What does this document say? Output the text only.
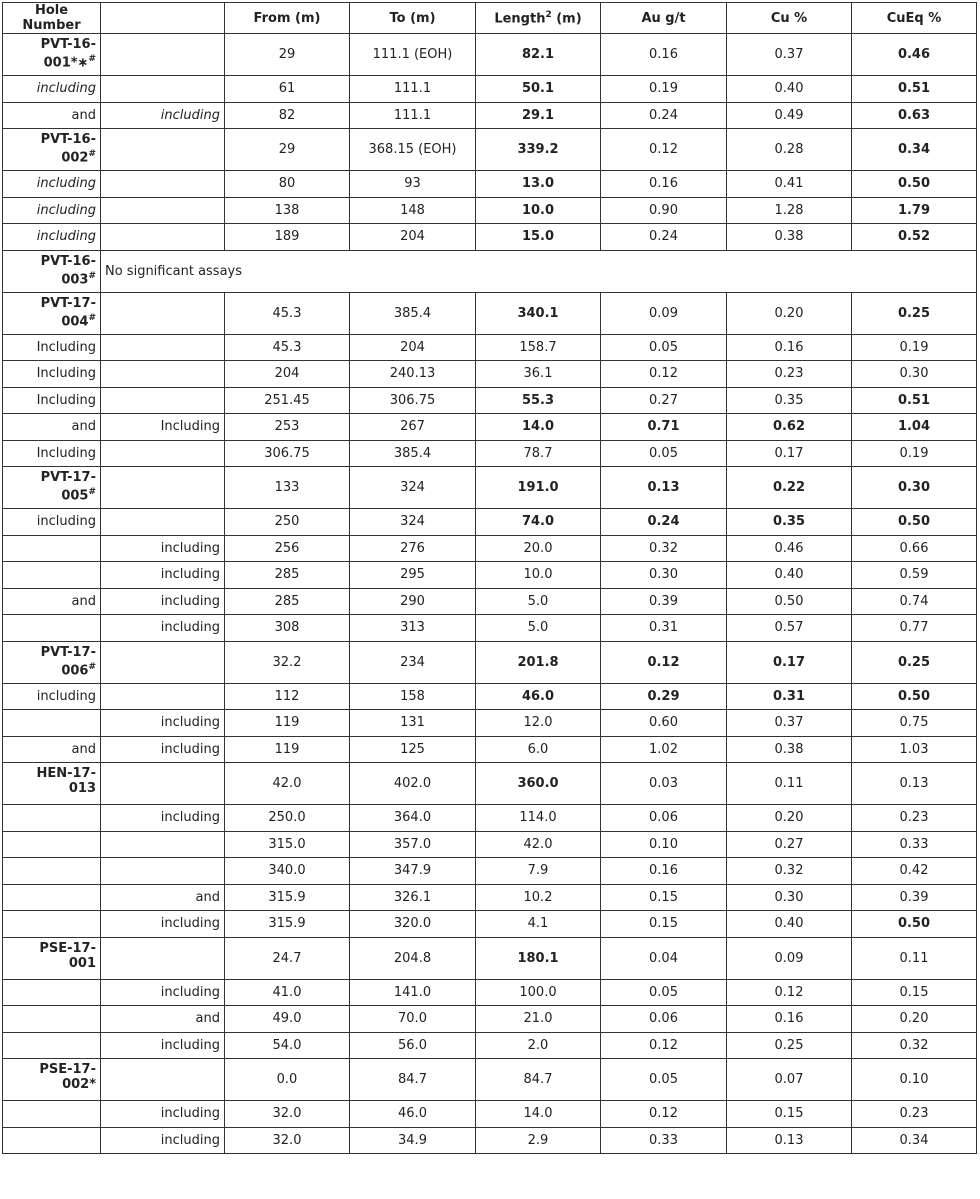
Hole
Number		From (m)	To (m)	Length$^2$ (m)	Au g/t	Cu %	CuEq %
PVT-16-
001*∗#		29	111.1 (EOH)	82.1	0.16	0.37	0.46
including		61	111.1	50.1	0.19	0.40	0.51
and	including	82	111.1	29.1	0.24	0.49	0.63
PVT-16-
002#		29	368.15 (EOH)	339.2	0.12	0.28	0.34
including		80	93	13.0	0.16	0.41	0.50
including		138	148	10.0	0.90	1.28	1.79
including		189	204	15.0	0.24	0.38	0.52
PVT-16-
003#	No significant assays						
PVT-17-
004#		45.3	385.4	340.1	0.09	0.20	0.25
Including		45.3	204	158.7	0.05	0.16	0.19
Including		204	240.13	36.1	0.12	0.23	0.30
Including		251.45	306.75	55.3	0.27	0.35	0.51
and	Including	253	267	14.0	0.71	0.62	1.04
Including		306.75	385.4	78.7	0.05	0.17	0.19
PVT-17-
005#		133	324	191.0	0.13	0.22	0.30
including		250	324	74.0	0.24	0.35	0.50
	including	256	276	20.0	0.32	0.46	0.66
	including	285	295	10.0	0.30	0.40	0.59
and	including	285	290	5.0	0.39	0.50	0.74
	including	308	313	5.0	0.31	0.57	0.77
PVT-17-
006#		32.2	234	201.8	0.12	0.17	0.25
including		112	158	46.0	0.29	0.31	0.50
	including	119	131	12.0	0.60	0.37	0.75
and	including	119	125	6.0	1.02	0.38	1.03
HEN-17-
013		42.0	402.0	360.0	0.03	0.11	0.13
	including	250.0	364.0	114.0	0.06	0.20	0.23
		315.0	357.0	42.0	0.10	0.27	0.33
		340.0	347.9	7.9	0.16	0.32	0.42
	and	315.9	326.1	10.2	0.15	0.30	0.39
	including	315.9	320.0	4.1	0.15	0.40	0.50
PSE-17-
001		24.7	204.8	180.1	0.04	0.09	0.11
	including	41.0	141.0	100.0	0.05	0.12	0.15
	and	49.0	70.0	21.0	0.06	0.16	0.20
	including	54.0	56.0	2.0	0.12	0.25	0.32
PSE-17-
002*		0.0	84.7	84.7	0.05	0.07	0.10
	including	32.0	46.0	14.0	0.12	0.15	0.23
	including	32.0	34.9	2.9	0.33	0.13	0.34
